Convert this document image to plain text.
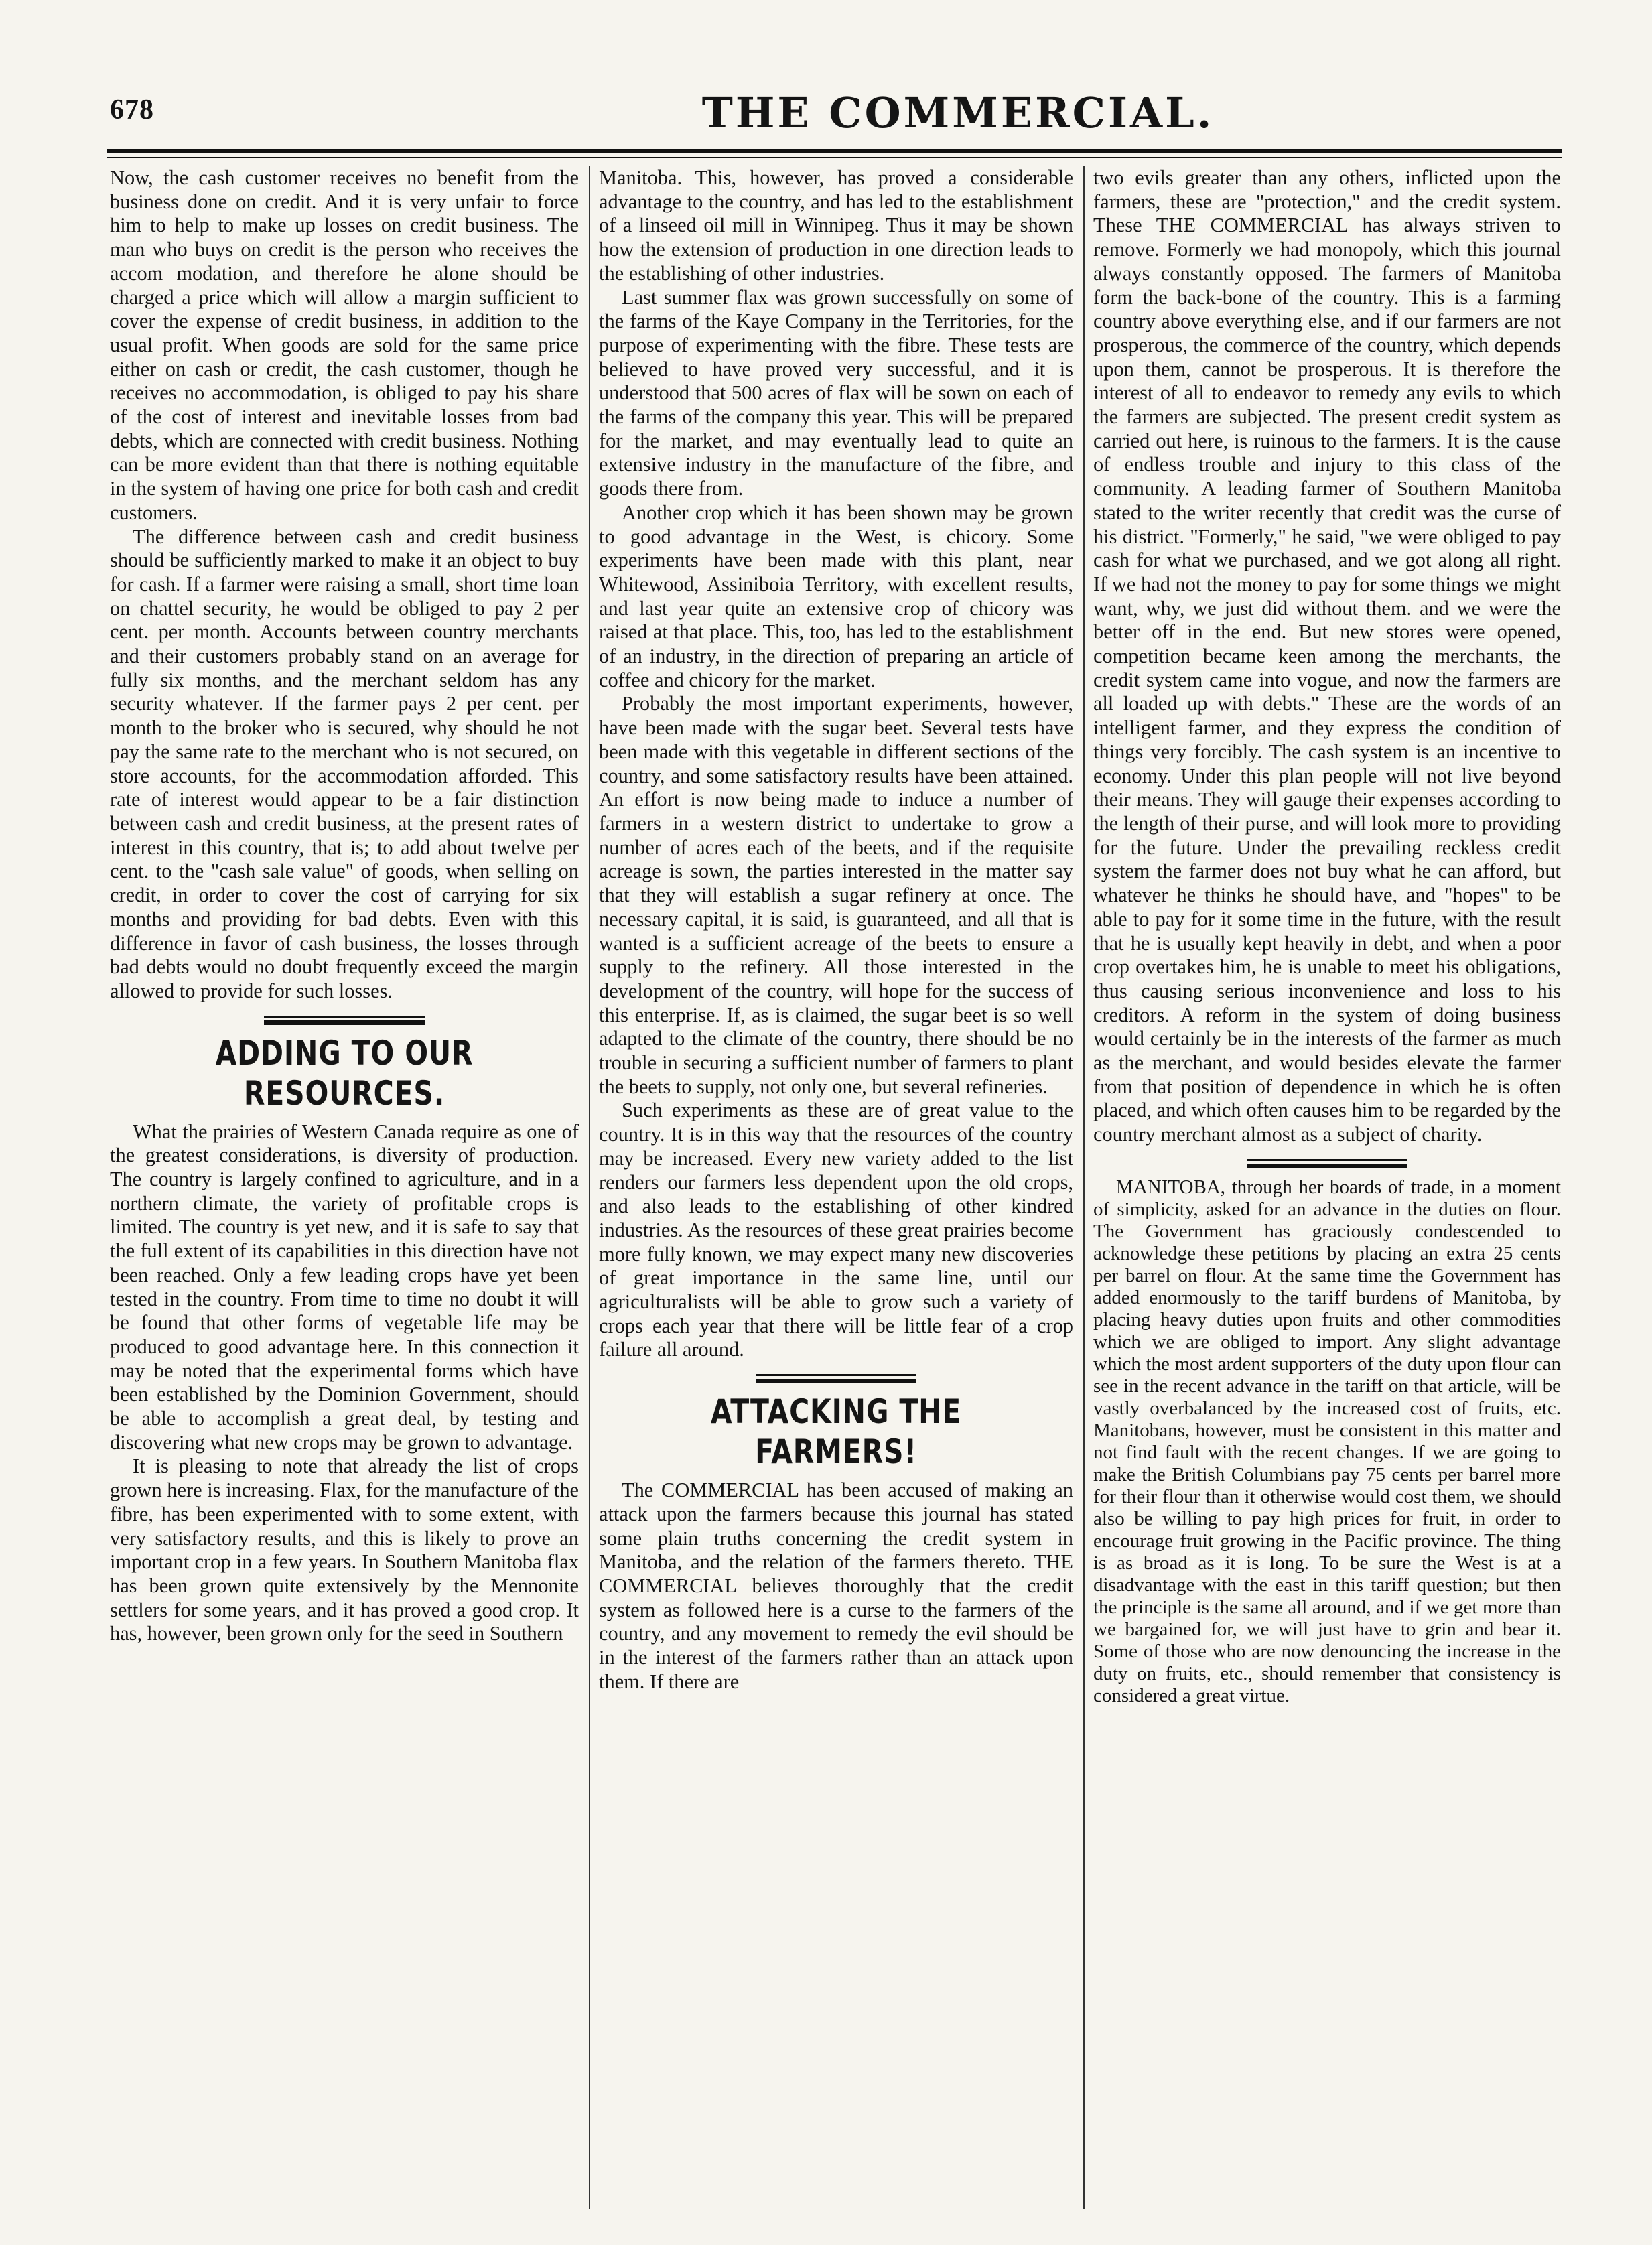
678	THE COMMERCIAL.

Now, the cash customer receives no benefit from the business done on credit. And it is very unfair to force him to help to make up losses on credit business. The man who buys on credit is the person who receives the accom modation, and therefore he alone should be charged a price which will allow a margin sufficient to cover the expense of credit business, in addition to the usual profit. When goods are sold for the same price either on cash or credit, the cash customer, though he receives no accommodation, is obliged to pay his share of the cost of interest and inevitable losses from bad debts, which are connected with credit business. Nothing can be more evident than that there is nothing equitable in the system of having one price for both cash and credit customers.

The difference between cash and credit business should be sufficiently marked to make it an object to buy for cash. If a farmer were raising a small, short time loan on chattel security, he would be obliged to pay 2 per cent. per month. Accounts between country merchants and their customers probably stand on an average for fully six months, and the merchant seldom has any security whatever. If the farmer pays 2 per cent. per month to the broker who is secured, why should he not pay the same rate to the merchant who is not secured, on store accounts, for the accommodation afforded. This rate of interest would appear to be a fair distinction between cash and credit business, at the present rates of interest in this country, that is; to add about twelve per cent. to the "cash sale value" of goods, when selling on credit, in order to cover the cost of carrying for six months and providing for bad debts. Even with this difference in favor of cash business, the losses through bad debts would no doubt frequently exceed the margin allowed to provide for such losses.

ADDING TO OUR RESOURCES.

What the prairies of Western Canada require as one of the greatest considerations, is diversity of production. The country is largely confined to agriculture, and in a northern climate, the variety of profitable crops is limited. The country is yet new, and it is safe to say that the full extent of its capabilities in this direction have not been reached. Only a few leading crops have yet been tested in the country. From time to time no doubt it will be found that other forms of vegetable life may be produced to good advantage here. In this connection it may be noted that the experimental forms which have been established by the Dominion Government, should be able to accomplish a great deal, by testing and discovering what new crops may be grown to advantage.

It is pleasing to note that already the list of crops grown here is increasing. Flax, for the manufacture of the fibre, has been experimented with to some extent, with very satisfactory results, and this is likely to prove an important crop in a few years. In Southern Manitoba flax has been grown quite extensively by the Mennonite settlers for some years, and it has proved a good crop. It has, however, been grown only for the seed in Southern

Manitoba. This, however, has proved a considerable advantage to the country, and has led to the establishment of a linseed oil mill in Winnipeg. Thus it may be shown how the extension of production in one direction leads to the establishing of other industries.

Last summer flax was grown successfully on some of the farms of the Kaye Company in the Territories, for the purpose of experimenting with the fibre. These tests are believed to have proved very successful, and it is understood that 500 acres of flax will be sown on each of the farms of the company this year. This will be prepared for the market, and may eventually lead to quite an extensive industry in the manufacture of the fibre, and goods there from.

Another crop which it has been shown may be grown to good advantage in the West, is chicory. Some experiments have been made with this plant, near Whitewood, Assiniboia Territory, with excellent results, and last year quite an extensive crop of chicory was raised at that place. This, too, has led to the establishment of an industry, in the direction of preparing an article of coffee and chicory for the market.

Probably the most important experiments, however, have been made with the sugar beet. Several tests have been made with this vegetable in different sections of the country, and some satisfactory results have been attained. An effort is now being made to induce a number of farmers in a western district to undertake to grow a number of acres each of the beets, and if the requisite acreage is sown, the parties interested in the matter say that they will establish a sugar refinery at once. The necessary capital, it is said, is guaranteed, and all that is wanted is a sufficient acreage of the beets to ensure a supply to the refinery. All those interested in the development of the country, will hope for the success of this enterprise. If, as is claimed, the sugar beet is so well adapted to the climate of the country, there should be no trouble in securing a sufficient number of farmers to plant the beets to supply, not only one, but several refineries.

Such experiments as these are of great value to the country. It is in this way that the resources of the country may be increased. Every new variety added to the list renders our farmers less dependent upon the old crops, and also leads to the establishing of other kindred industries. As the resources of these great prairies become more fully known, we may expect many new discoveries of great importance in the same line, until our agriculturalists will be able to grow such a variety of crops each year that there will be little fear of a crop failure all around.

ATTACKING THE FARMERS!

The COMMERCIAL has been accused of making an attack upon the farmers because this journal has stated some plain truths concerning the credit system in Manitoba, and the relation of the farmers thereto. THE COMMERCIAL believes thoroughly that the credit system as followed here is a curse to the farmers of the country, and any movement to remedy the evil should be in the interest of the farmers rather than an attack upon them. If there are

two evils greater than any others, inflicted upon the farmers, these are "protection," and the credit system. These THE COMMERCIAL has always striven to remove. Formerly we had monopoly, which this journal always constantly opposed. The farmers of Manitoba form the back-bone of the country. This is a farming country above everything else, and if our farmers are not prosperous, the commerce of the country, which depends upon them, cannot be prosperous. It is therefore the interest of all to endeavor to remedy any evils to which the farmers are subjected. The present credit system as carried out here, is ruinous to the farmers. It is the cause of endless trouble and injury to this class of the community. A leading farmer of Southern Manitoba stated to the writer recently that credit was the curse of his district. "Formerly," he said, "we were obliged to pay cash for what we purchased, and we got along all right. If we had not the money to pay for some things we might want, why, we just did without them. and we were the better off in the end. But new stores were opened, competition became keen among the merchants, the credit system came into vogue, and now the farmers are all loaded up with debts." These are the words of an intelligent farmer, and they express the condition of things very forcibly. The cash system is an incentive to economy. Under this plan people will not live beyond their means. They will gauge their expenses according to the length of their purse, and will look more to providing for the future. Under the prevailing reckless credit system the farmer does not buy what he can afford, but whatever he thinks he should have, and "hopes" to be able to pay for it some time in the future, with the result that he is usually kept heavily in debt, and when a poor crop overtakes him, he is unable to meet his obligations, thus causing serious inconvenience and loss to his creditors. A reform in the system of doing business would certainly be in the interests of the farmer as much as the merchant, and would besides elevate the farmer from that position of dependence in which he is often placed, and which often causes him to be regarded by the country merchant almost as a subject of charity.

MANITOBA, through her boards of trade, in a moment of simplicity, asked for an advance in the duties on flour. The Government has graciously condescended to acknowledge these petitions by placing an extra 25 cents per barrel on flour. At the same time the Government has added enormously to the tariff burdens of Manitoba, by placing heavy duties upon fruits and other commodities which we are obliged to import. Any slight advantage which the most ardent supporters of the duty upon flour can see in the recent advance in the tariff on that article, will be vastly overbalanced by the increased cost of fruits, etc. Manitobans, however, must be consistent in this matter and not find fault with the recent changes. If we are going to make the British Columbians pay 75 cents per barrel more for their flour than it otherwise would cost them, we should also be willing to pay high prices for fruit, in order to encourage fruit growing in the Pacific province. The thing is as broad as it is long. To be sure the West is at a disadvantage with the east in this tariff question; but then the principle is the same all around, and if we get more than we bargained for, we will just have to grin and bear it. Some of those who are now denouncing the increase in the duty on fruits, etc., should remember that consistency is considered a great virtue.
